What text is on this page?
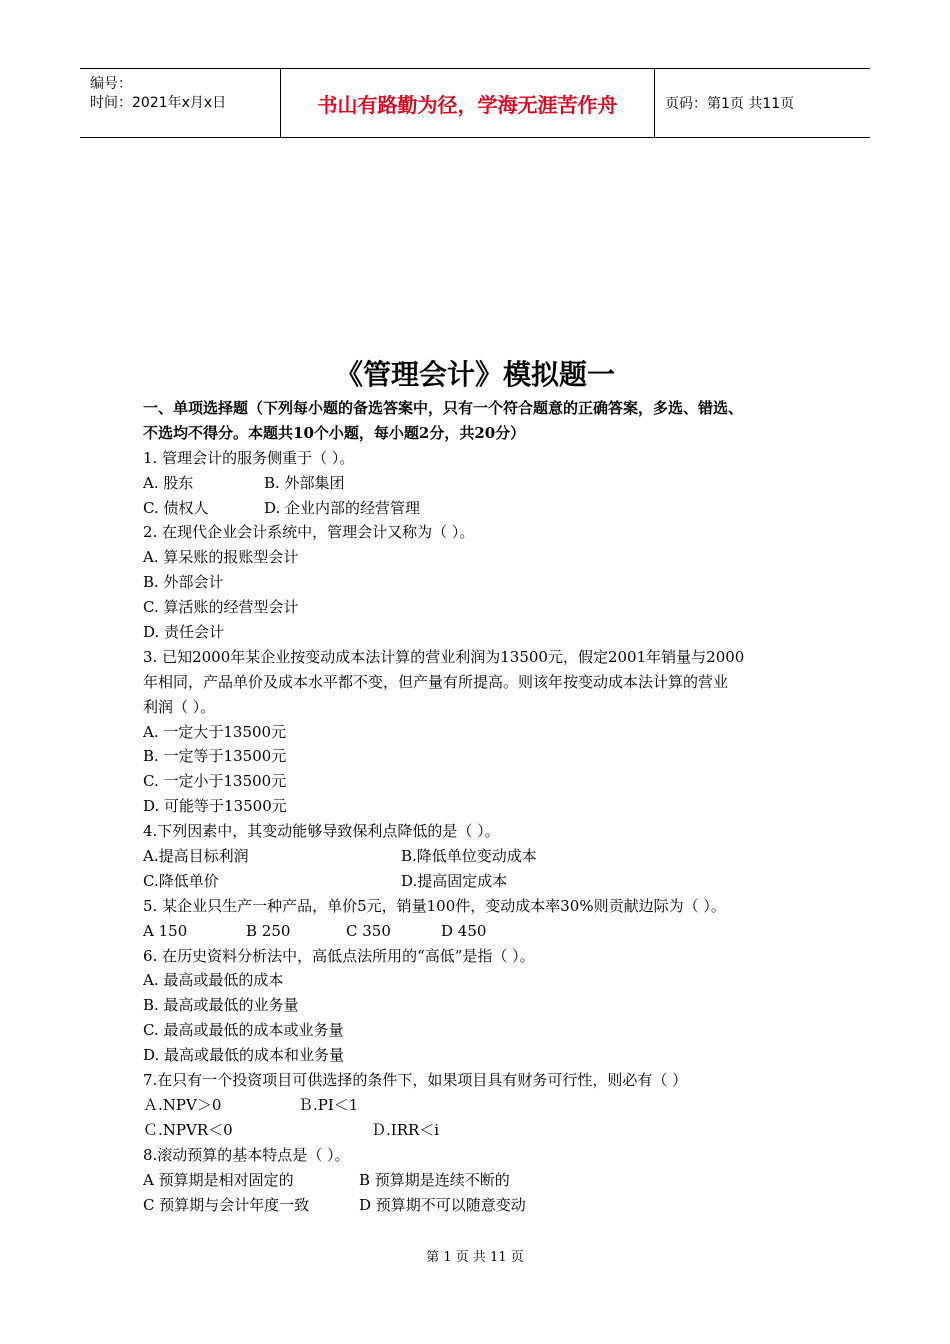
编号：
时间：2021年x月x日	书山有路勤为径，学海无涯苦作舟	页码：第1页 共11页
《管理会计》模拟题一
一、单项选择题（下列每小题的备选答案中，只有一个符合题意的正确答案，多选、错选、
不选均不得分。本题共10个小题，每小题2分，共20分）
1. 管理会计的服务侧重于（ ）。
A. 股东	B. 外部集团
C. 债权人	D. 企业内部的经营管理
2. 在现代企业会计系统中，管理会计又称为（ ）。
A. 算呆账的报账型会计
B. 外部会计
C. 算活账的经营型会计
D. 责任会计
3. 已知2000年某企业按变动成本法计算的营业利润为13500元，假定2001年销量与2000
年相同，产品单价及成本水平都不变，但产量有所提高。则该年按变动成本法计算的营业
利润（ ）。
A. 一定大于13500元
B. 一定等于13500元
C. 一定小于13500元
D. 可能等于13500元
4.下列因素中，其变动能够导致保利点降低的是（ ）。
A.提高目标利润	B.降低单位变动成本
C.降低单价	D.提高固定成本
5. 某企业只生产一种产品，单价5元，销量100件，变动成本率30%则贡献边际为（ ）。
A 150	B 250	C 350	D 450
6. 在历史资料分析法中，高低点法所用的“高低”是指（ ）。
A. 最高或最低的成本
B. 最高或最低的业务量
C. 最高或最低的成本或业务量
D. 最高或最低的成本和业务量
7.在只有一个投资项目可供选择的条件下，如果项目具有财务可行性，则必有（ ）
Ａ.NPV＞0	Ｂ.PI＜1
Ｃ.NPVR＜0	Ｄ.IRR＜i
8.滚动预算的基本特点是（ ）。
A 预算期是相对固定的	B 预算期是连续不断的
C 预算期与会计年度一致	D 预算期不可以随意变动
第 1 页 共 11 页
